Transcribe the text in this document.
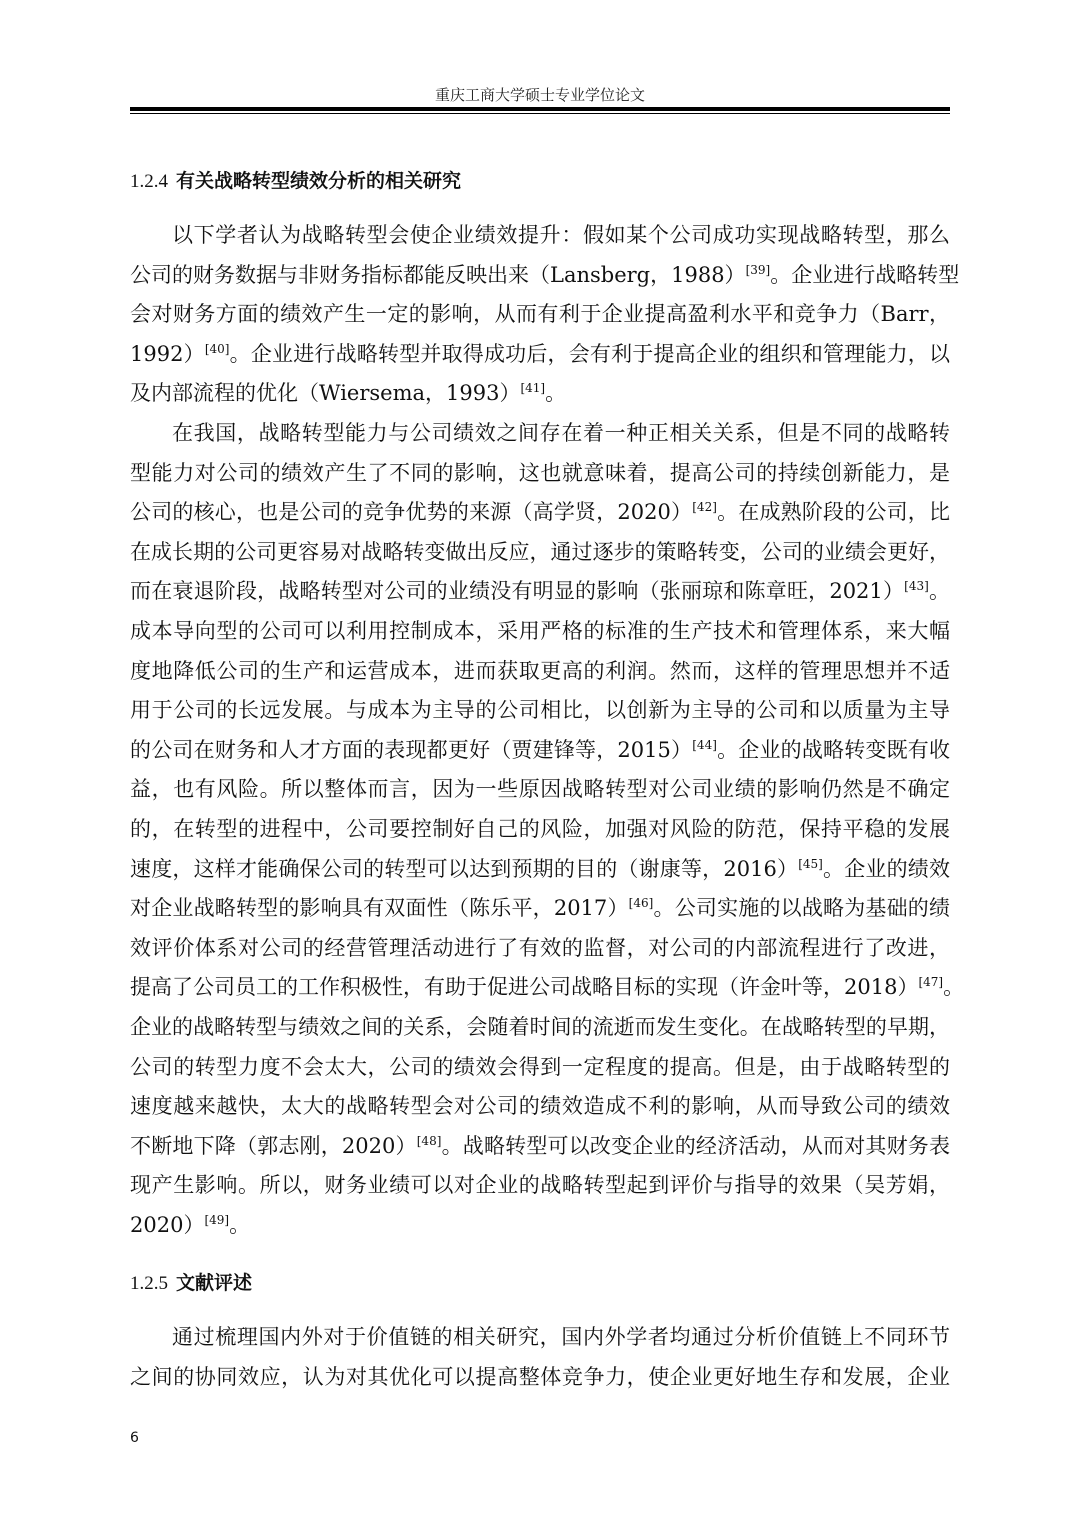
重庆工商大学硕士专业学位论文
1.2.4 有关战略转型绩效分析的相关研究
以下学者认为战略转型会使企业绩效提升：假如某个公司成功实现战略转型，那么
公司的财务数据与非财务指标都能反映出来（Lansberg，1988）[39]。企业进行战略转型
会对财务方面的绩效产生一定的影响，从而有利于企业提高盈利水平和竞争力（Barr，
1992）[40]。企业进行战略转型并取得成功后，会有利于提高企业的组织和管理能力，以
及内部流程的优化（Wiersema，1993）[41]。
在我国，战略转型能力与公司绩效之间存在着一种正相关关系，但是不同的战略转
型能力对公司的绩效产生了不同的影响，这也就意味着，提高公司的持续创新能力，是
公司的核心，也是公司的竞争优势的来源（高学贤，2020）[42]。在成熟阶段的公司，比
在成长期的公司更容易对战略转变做出反应，通过逐步的策略转变，公司的业绩会更好，
而在衰退阶段，战略转型对公司的业绩没有明显的影响（张丽琼和陈章旺，2021）[43]。
成本导向型的公司可以利用控制成本，采用严格的标准的生产技术和管理体系，来大幅
度地降低公司的生产和运营成本，进而获取更高的利润。然而，这样的管理思想并不适
用于公司的长远发展。与成本为主导的公司相比，以创新为主导的公司和以质量为主导
的公司在财务和人才方面的表现都更好（贾建锋等，2015）[44]。企业的战略转变既有收
益，也有风险。所以整体而言，因为一些原因战略转型对公司业绩的影响仍然是不确定
的，在转型的进程中，公司要控制好自己的风险，加强对风险的防范，保持平稳的发展
速度，这样才能确保公司的转型可以达到预期的目的（谢康等，2016）[45]。企业的绩效
对企业战略转型的影响具有双面性（陈乐平，2017）[46]。公司实施的以战略为基础的绩
效评价体系对公司的经营管理活动进行了有效的监督，对公司的内部流程进行了改进，
提高了公司员工的工作积极性，有助于促进公司战略目标的实现（许金叶等，2018）[47]。
企业的战略转型与绩效之间的关系，会随着时间的流逝而发生变化。在战略转型的早期，
公司的转型力度不会太大，公司的绩效会得到一定程度的提高。但是，由于战略转型的
速度越来越快，太大的战略转型会对公司的绩效造成不利的影响，从而导致公司的绩效
不断地下降（郭志刚，2020）[48]。战略转型可以改变企业的经济活动，从而对其财务表
现产生影响。所以，财务业绩可以对企业的战略转型起到评价与指导的效果（吴芳娟，
2020）[49]。
1.2.5 文献评述
通过梳理国内外对于价值链的相关研究，国内外学者均通过分析价值链上不同环节
之间的协同效应，认为对其优化可以提高整体竞争力，使企业更好地生存和发展，企业
6
